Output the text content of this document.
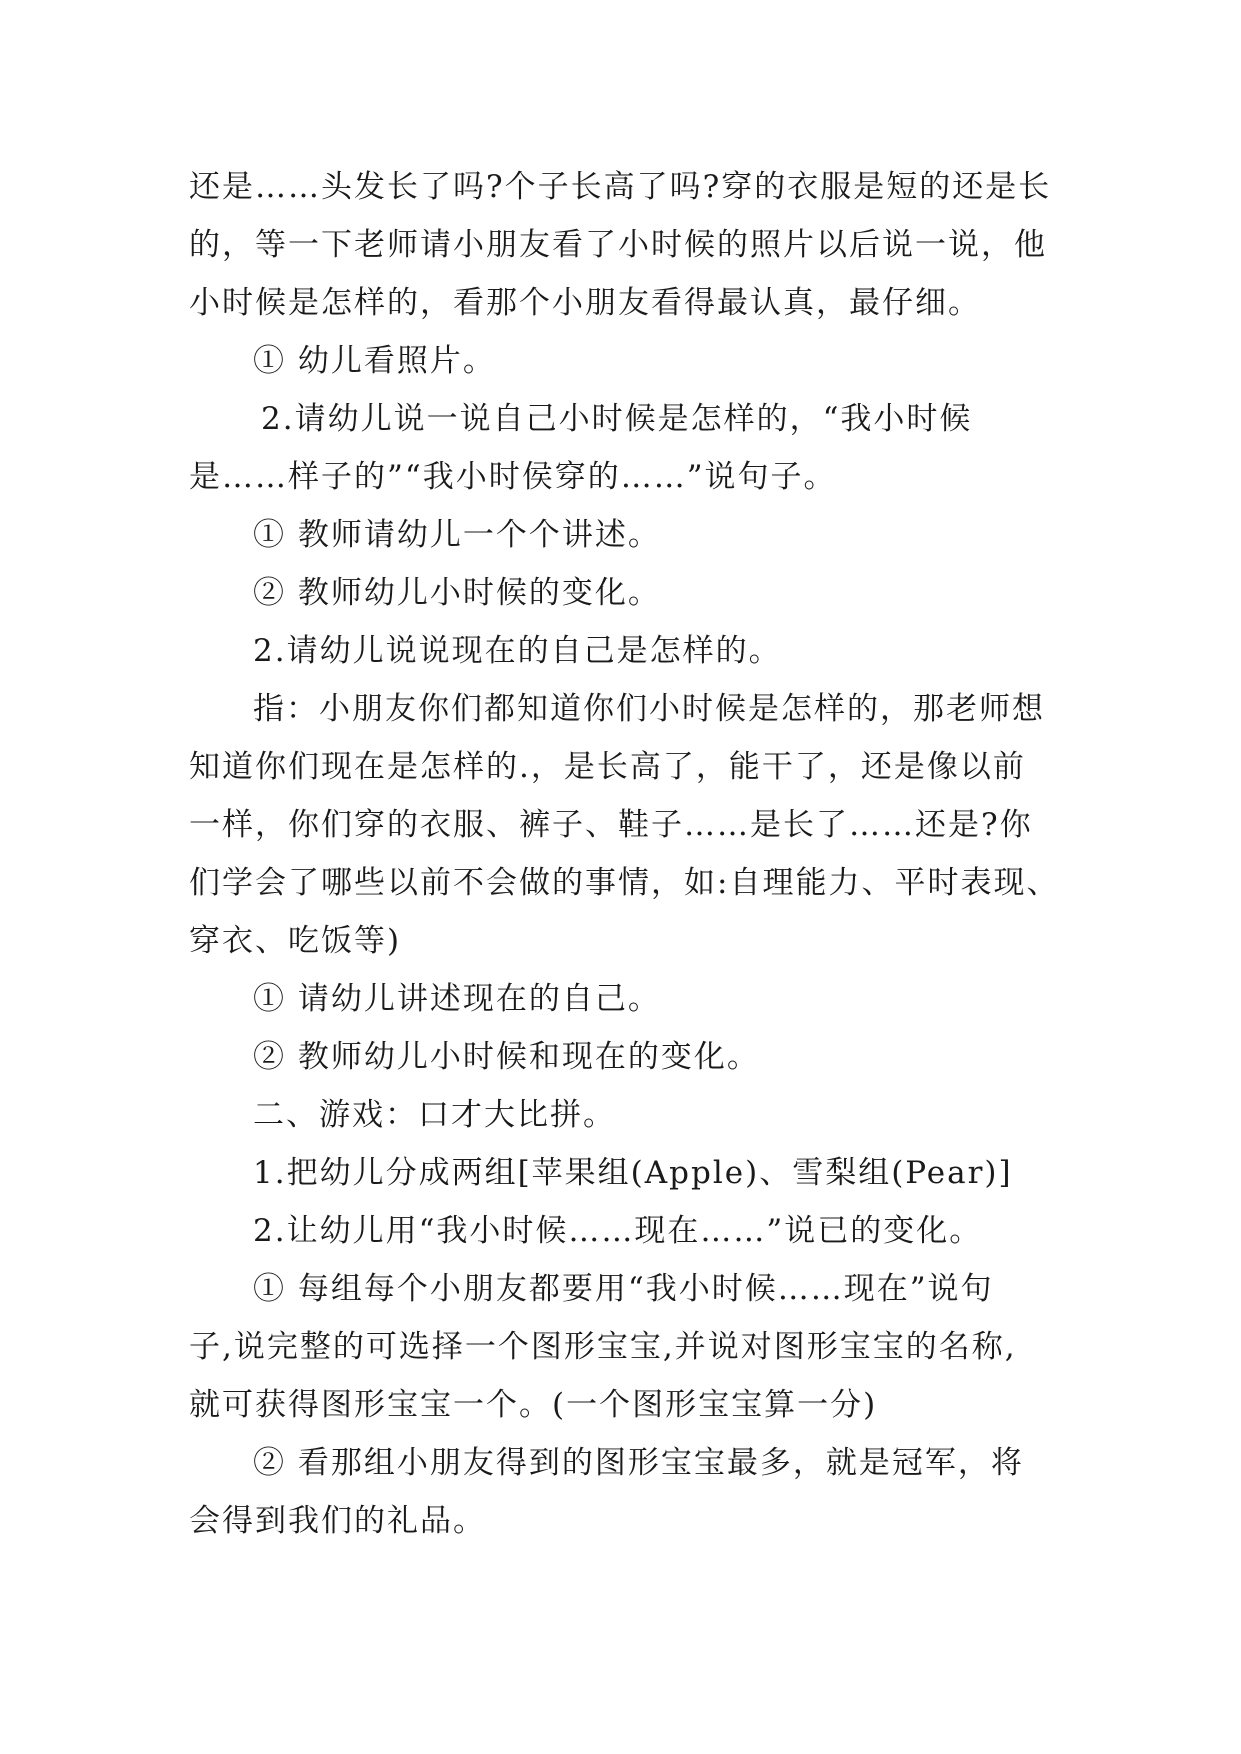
还是……头发长了吗?个子长高了吗?穿的衣服是短的还是长
的，等一下老师请小朋友看了小时候的照片以后说一说，他
小时候是怎样的，看那个小朋友看得最认真，最仔细。
① 幼儿看照片。
2.请幼儿说一说自己小时候是怎样的，“我小时候
是……样子的”“我小时侯穿的……”说句子。
① 教师请幼儿一个个讲述。
② 教师幼儿小时候的变化。
2.请幼儿说说现在的自己是怎样的。
指：小朋友你们都知道你们小时候是怎样的，那老师想
知道你们现在是怎样的.，是长高了，能干了，还是像以前
一样，你们穿的衣服、裤子、鞋子……是长了……还是?你
们学会了哪些以前不会做的事情，如:自理能力、平时表现、
穿衣、吃饭等)
① 请幼儿讲述现在的自己。
② 教师幼儿小时候和现在的变化。
二、游戏：口才大比拼。
1.把幼儿分成两组[苹果组(Apple)、雪梨组(Pear)]
2.让幼儿用“我小时候……现在……”说已的变化。
① 每组每个小朋友都要用“我小时候……现在”说句
子,说完整的可选择一个图形宝宝,并说对图形宝宝的名称,
就可获得图形宝宝一个。(一个图形宝宝算一分)
② 看那组小朋友得到的图形宝宝最多，就是冠军，将
会得到我们的礼品。
